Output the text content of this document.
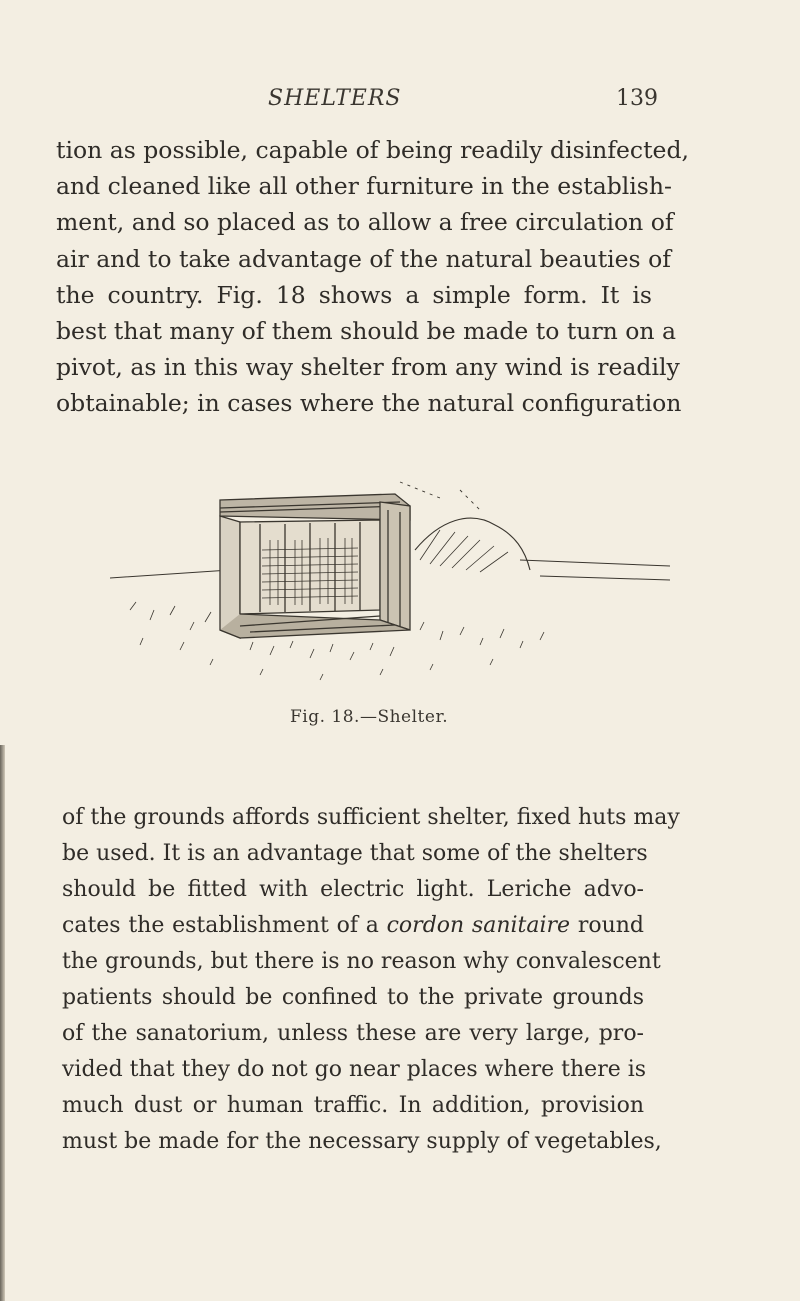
SHELTERS	139

tion as possible, capable of being readily disinfected,
and cleaned like all other furniture in the establish-
ment, and so placed as to allow a free circulation of
air and to take advantage of the natural beauties of
the country. Fig. 18 shows a simple form. It is
best that many of them should be made to turn on a
pivot, as in this way shelter from any wind is readily
obtainable; in cases where the natural configuration

Fig. 18.—Shelter.

of the grounds affords sufficient shelter, fixed huts may
be used. It is an advantage that some of the shelters
should be fitted with electric light. Leriche advo-
cates the establishment of a cordon sanitaire round
the grounds, but there is no reason why convalescent
patients should be confined to the private grounds
of the sanatorium, unless these are very large, pro-
vided that they do not go near places where there is
much dust or human traffic. In addition, provision
must be made for the necessary supply of vegetables,
